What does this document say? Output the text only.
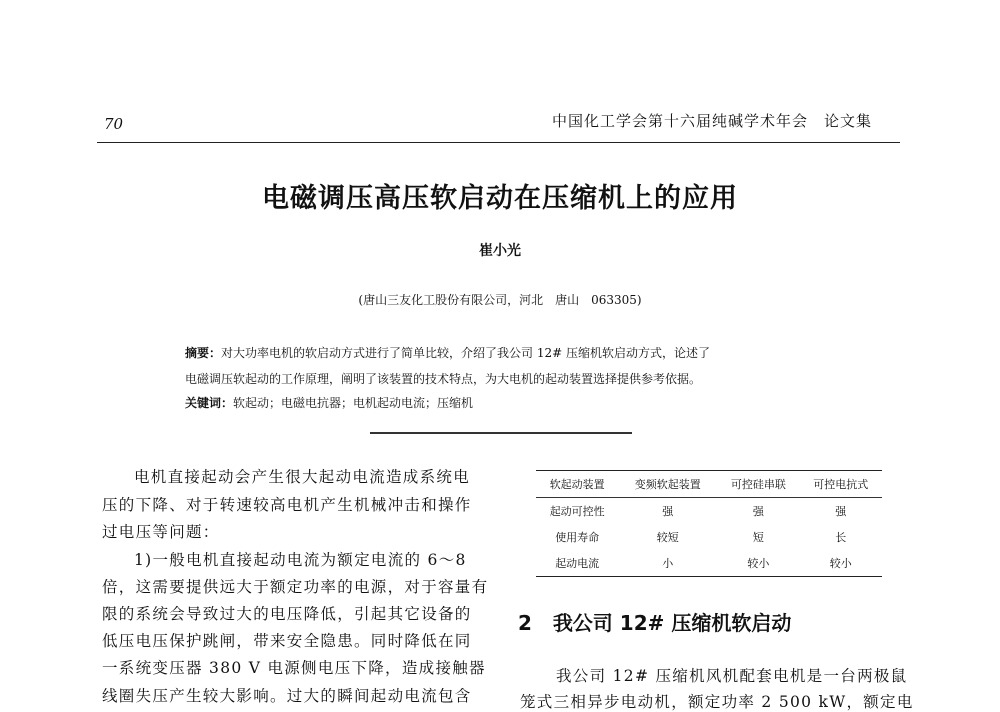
70	中国化工学会第十六届纯碱学术年会　论文集
电磁调压高压软启动在压缩机上的应用
崔小光
(唐山三友化工股份有限公司，河北　唐山　063305)
摘要：对大功率电机的软启动方式进行了简单比较，介绍了我公司 12# 压缩机软启动方式，论述了
电磁调压软起动的工作原理，阐明了该装置的技术特点，为大电机的起动装置选择提供参考依据。
关键词：软起动；电磁电抗器；电机起动电流；压缩机
电机直接起动会产生很大起动电流造成系统电
压的下降、对于转速较高电机产生机械冲击和操作
过电压等问题：
1)一般电机直接起动电流为额定电流的 6～8
倍，这需要提供远大于额定功率的电源，对于容量有
限的系统会导致过大的电压降低，引起其它设备的
低压电压保护跳闸，带来安全隐患。同时降低在同
一系统变压器 380 V 电源侧电压下降，造成接触器
线圈失压产生较大影响。过大的瞬间起动电流包含
软起动装置	变频软起装置	可控硅串联	可控电抗式
起动可控性	强	强	强
使用寿命	较短	短	长
起动电流	小	较小	较小
2 我公司 12# 压缩机软启动
我公司 12# 压缩机风机配套电机是一台两极鼠
笼式三相异步电动机，额定功率 2 500 kW，额定电
